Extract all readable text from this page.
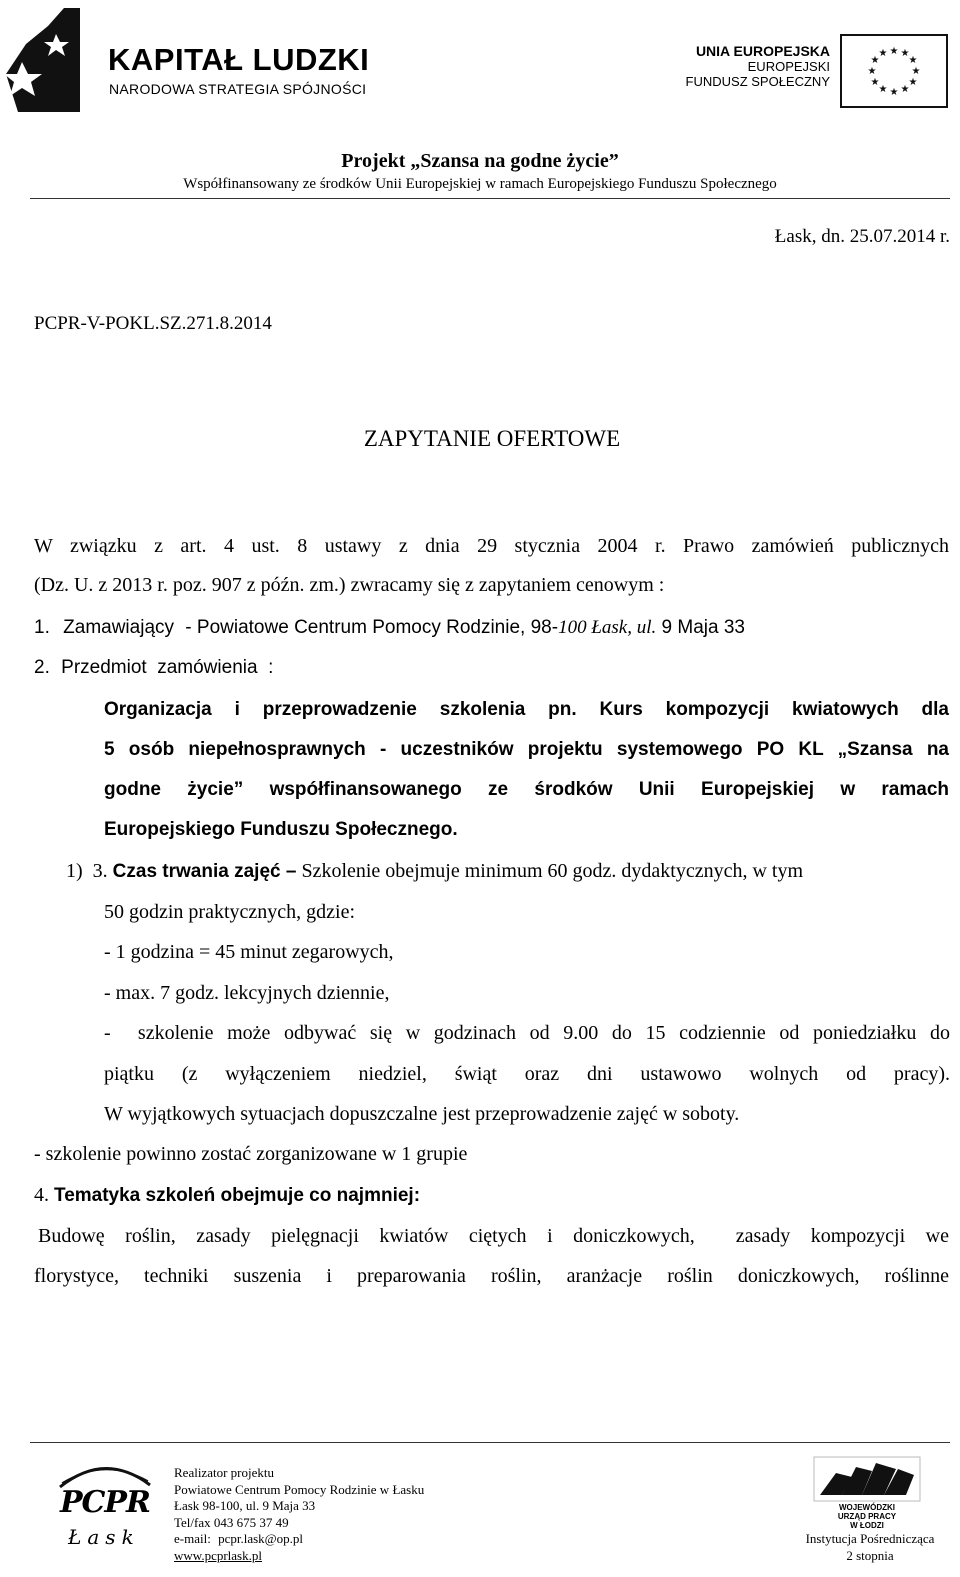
KAPITAŁ LUDZKI
NARODOWA STRATEGIA SPÓJNOŚCI
UNIA EUROPEJSKA
EUROPEJSKI
FUNDUSZ SPOŁECZNY
★ ★
★
★
★
★
★
★
★
★
★
★
Projekt „Szansa na godne życie”
Współfinansowany ze środków Unii Europejskiej w ramach Europejskiego Funduszu Społecznego
Łask, dn. 25.07.2014 r.
PCPR-V-POKL.SZ.271.8.2014
ZAPYTANIE OFERTOWE
W związku z art. 4 ust. 8 ustawy z dnia 29 stycznia 2004 r. Prawo zamówień publicznych
(Dz. U. z 2013 r. poz. 907 z późn. zm.) zwracamy się z zapytaniem cenowym :
1. Zamawiający - Powiatowe Centrum Pomocy Rodzinie, 98-100 Łask, ul. 9 Maja 33
2. Przedmiot  zamówienia  :
Organizacja i przeprowadzenie szkolenia pn. Kurs kompozycji kwiatowych dla
5 osób niepełnosprawnych - uczestników projektu systemowego PO KL „Szansa na
godne życie” współfinansowanego ze środków Unii Europejskiej w ramach
Europejskiego Funduszu Społecznego.
1)  3. Czas trwania zajęć – Szkolenie obejmuje minimum 60 godz. dydaktycznych, w tym
50 godzin praktycznych, gdzie:
- 1 godzina = 45 minut zegarowych,
- max. 7 godz. lekcyjnych dziennie,
-  szkolenie może odbywać się w godzinach od 9.00 do 15 codziennie od poniedziałku do
piątku (z wyłączeniem niedziel, świąt oraz dni ustawowo wolnych od pracy).
W wyjątkowych sytuacjach dopuszczalne jest przeprowadzenie zajęć w soboty.
- szkolenie powinno zostać zorganizowane w 1 grupie
4. Tematyka szkoleń obejmuje co najmniej:
Budowę roślin, zasady pielęgnacji kwiatów ciętych i doniczkowych,  zasady kompozycji we
florystyce, techniki suszenia i preparowania roślin, aranżacje roślin doniczkowych, roślinne
PCPR
Łask
Realizator projektu
Powiatowe Centrum Pomocy Rodzinie w Łasku
Łask 98-100, ul. 9 Maja 33
Tel/fax 043 675 37 49
e-mail: pcpr.lask@op.pl
www.pcprlask.pl
WOJEWÓDZKI
URZĄD PRACY
W ŁODZI
Instytucja Pośrednicząca
2 stopnia
